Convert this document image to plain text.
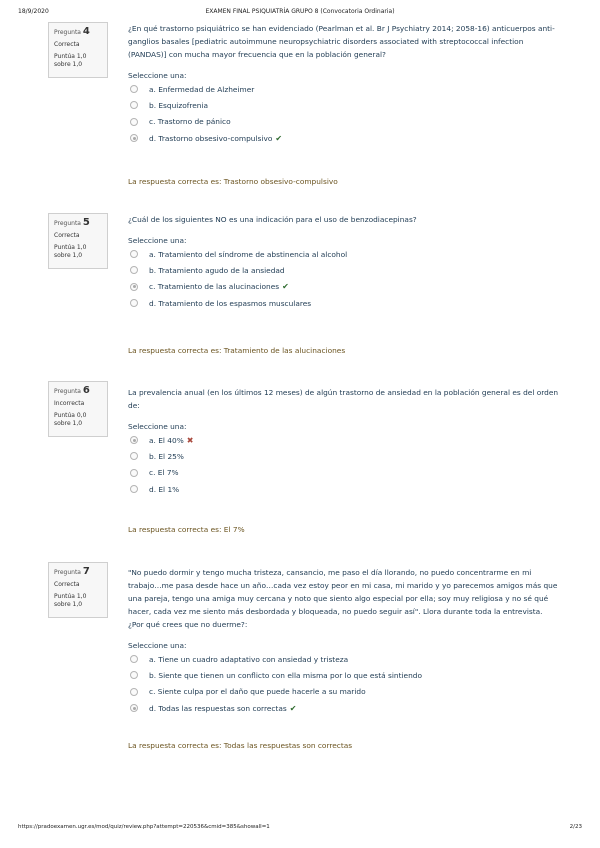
18/9/2020	EXAMEN FINAL PSIQUIATRÍA GRUPO 8 (Convocatoria Ordinaria)
Pregunta 4
Correcta
Puntúa 1,0
sobre 1,0
¿En qué trastorno psiquiátrico se han evidenciado (Pearlman et al. Br J Psychiatry 2014; 2058-16) anticuerpos anti-ganglios basales [pediatric autoimmune neuropsychiatric disorders associated with streptococcal infection (PANDAS)] con mucha mayor frecuencia que en la población general?
Seleccione una:
a. Enfermedad de Alzheimer
b. Esquizofrenia
c. Trastorno de pánico
d. Trastorno obsesivo-compulsivo ✔
La respuesta correcta es: Trastorno obsesivo-compulsivo
Pregunta 5
Correcta
Puntúa 1,0
sobre 1,0
¿Cuál de los siguientes NO es una indicación para el uso de benzodiacepinas?
Seleccione una:
a. Tratamiento del síndrome de abstinencia al alcohol
b. Tratamiento agudo de la ansiedad
c. Tratamiento de las alucinaciones ✔
d. Tratamiento de los espasmos musculares
La respuesta correcta es: Tratamiento de las alucinaciones
Pregunta 6
Incorrecta
Puntúa 0,0
sobre 1,0
La prevalencia anual (en los últimos 12 meses) de algún trastorno de ansiedad en la población general es del orden de:
Seleccione una:
a. El 40% ✖
b. El 25%
c. El 7%
d. El 1%
La respuesta correcta es: El 7%
Pregunta 7
Correcta
Puntúa 1,0
sobre 1,0
"No puedo dormir y tengo mucha tristeza, cansancio, me paso el día llorando, no puedo concentrarme en mi trabajo…me pasa desde hace un año…cada vez estoy peor en mi casa, mi marido y yo parecemos amigos más que una pareja, tengo una amiga muy cercana y noto que siento algo especial por ella; soy muy religiosa y no sé qué hacer, cada vez me siento más desbordada y bloqueada, no puedo seguir así". Llora durante toda la entrevista. ¿Por qué crees que no duerme?:
Seleccione una:
a. Tiene un cuadro adaptativo con ansiedad y tristeza
b. Siente que tienen un conflicto con ella misma por lo que está sintiendo
c. Siente culpa por el daño que puede hacerle a su marido
d. Todas las respuestas son correctas ✔
La respuesta correcta es: Todas las respuestas son correctas
https://pradoexamen.ugr.es/mod/quiz/review.php?attempt=220536&cmid=385&showall=1	2/23
